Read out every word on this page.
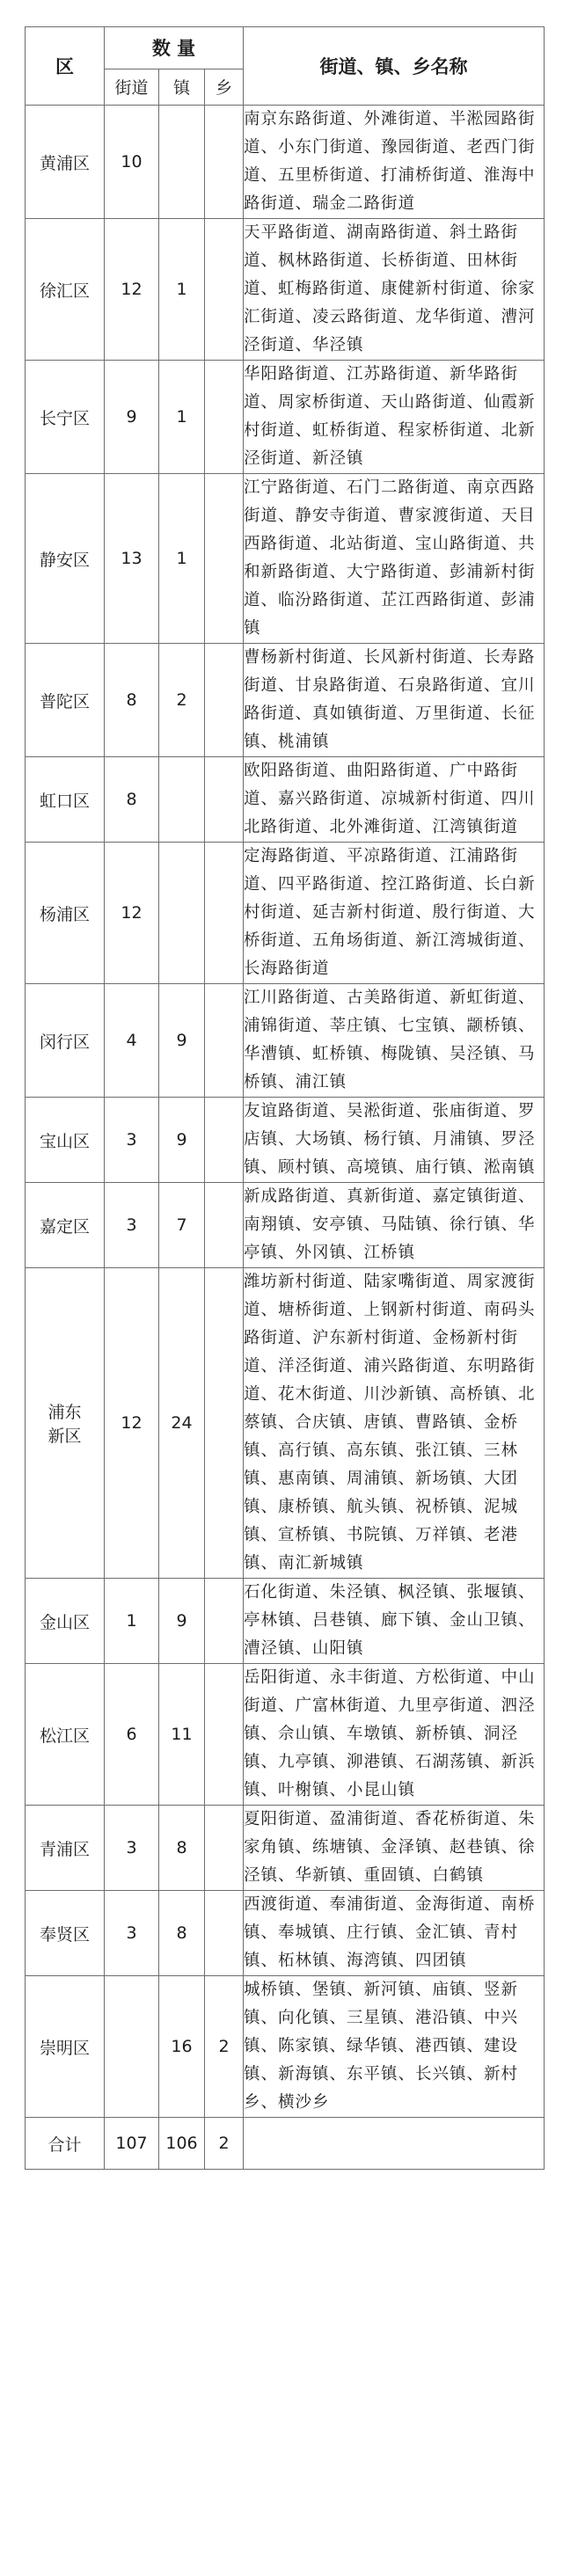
区	数 量			街道、镇、乡名称
	街道	镇	乡	
黄浦区	10			南京东路街道、外滩街道、半淞园路街道、小东门街道、豫园街道、老西门街道、五里桥街道、打浦桥街道、淮海中路街道、瑞金二路街道
徐汇区	12	1		天平路街道、湖南路街道、斜土路街道、枫林路街道、长桥街道、田林街道、虹梅路街道、康健新村街道、徐家汇街道、凌云路街道、龙华街道、漕河泾街道、华泾镇
长宁区	9	1		华阳路街道、江苏路街道、新华路街道、周家桥街道、天山路街道、仙霞新村街道、虹桥街道、程家桥街道、北新泾街道、新泾镇
静安区	13	1		江宁路街道、石门二路街道、南京西路街道、静安寺街道、曹家渡街道、天目西路街道、北站街道、宝山路街道、共和新路街道、大宁路街道、彭浦新村街道、临汾路街道、芷江西路街道、彭浦镇
普陀区	8	2		曹杨新村街道、长风新村街道、长寿路街道、甘泉路街道、石泉路街道、宜川路街道、真如镇街道、万里街道、长征镇、桃浦镇
虹口区	8			欧阳路街道、曲阳路街道、广中路街道、嘉兴路街道、凉城新村街道、四川北路街道、北外滩街道、江湾镇街道
杨浦区	12			定海路街道、平凉路街道、江浦路街道、四平路街道、控江路街道、长白新村街道、延吉新村街道、殷行街道、大桥街道、五角场街道、新江湾城街道、长海路街道
闵行区	4	9		江川路街道、古美路街道、新虹街道、浦锦街道、莘庄镇、七宝镇、颛桥镇、华漕镇、虹桥镇、梅陇镇、吴泾镇、马桥镇、浦江镇
宝山区	3	9		友谊路街道、吴淞街道、张庙街道、罗店镇、大场镇、杨行镇、月浦镇、罗泾镇、顾村镇、高境镇、庙行镇、淞南镇
嘉定区	3	7		新成路街道、真新街道、嘉定镇街道、南翔镇、安亭镇、马陆镇、徐行镇、华亭镇、外冈镇、江桥镇
浦东
新区	12	24		潍坊新村街道、陆家嘴街道、周家渡街道、塘桥街道、上钢新村街道、南码头路街道、沪东新村街道、金杨新村街道、洋泾街道、浦兴路街道、东明路街道、花木街道、川沙新镇、高桥镇、北蔡镇、合庆镇、唐镇、曹路镇、金桥镇、高行镇、高东镇、张江镇、三林镇、惠南镇、周浦镇、新场镇、大团镇、康桥镇、航头镇、祝桥镇、泥城镇、宣桥镇、书院镇、万祥镇、老港镇、南汇新城镇
金山区	1	9		石化街道、朱泾镇、枫泾镇、张堰镇、亭林镇、吕巷镇、廊下镇、金山卫镇、漕泾镇、山阳镇
松江区	6	11		岳阳街道、永丰街道、方松街道、中山街道、广富林街道、九里亭街道、泗泾镇、佘山镇、车墩镇、新桥镇、洞泾镇、九亭镇、泖港镇、石湖荡镇、新浜镇、叶榭镇、小昆山镇
青浦区	3	8		夏阳街道、盈浦街道、香花桥街道、朱家角镇、练塘镇、金泽镇、赵巷镇、徐泾镇、华新镇、重固镇、白鹤镇
奉贤区	3	8		西渡街道、奉浦街道、金海街道、南桥镇、奉城镇、庄行镇、金汇镇、青村镇、柘林镇、海湾镇、四团镇
崇明区		16	2	城桥镇、堡镇、新河镇、庙镇、竖新镇、向化镇、三星镇、港沿镇、中兴镇、陈家镇、绿华镇、港西镇、建设镇、新海镇、东平镇、长兴镇、新村乡、横沙乡
合计	107	106	2	
